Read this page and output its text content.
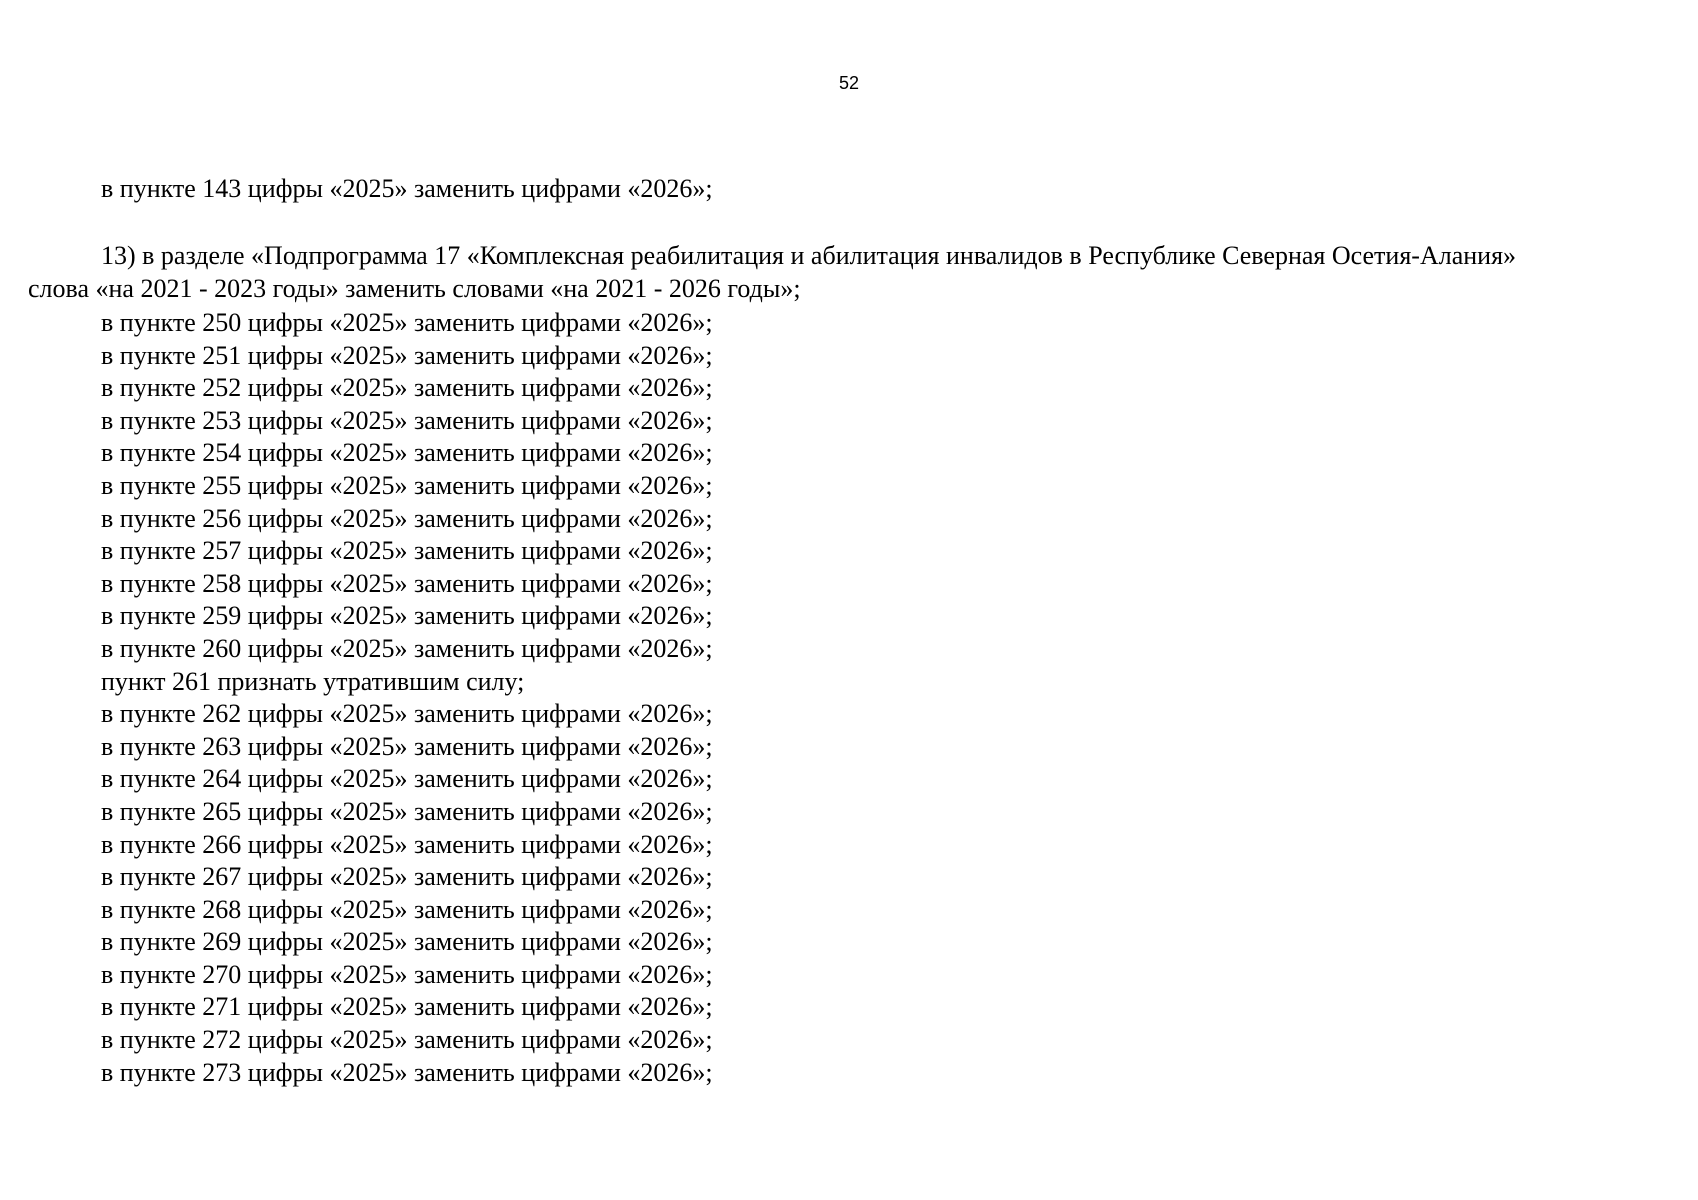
52
в пункте 143 цифры «2025» заменить цифрами «2026»;
13) в разделе «Подпрограмма 17 «Комплексная реабилитация и абилитация инвалидов в Республике Северная Осетия-Алания»
слова «на 2021 - 2023 годы» заменить словами «на 2021 - 2026 годы»;
в пункте 250 цифры «2025» заменить цифрами «2026»;
в пункте 251 цифры «2025» заменить цифрами «2026»;
в пункте 252 цифры «2025» заменить цифрами «2026»;
в пункте 253 цифры «2025» заменить цифрами «2026»;
в пункте 254 цифры «2025» заменить цифрами «2026»;
в пункте 255 цифры «2025» заменить цифрами «2026»;
в пункте 256 цифры «2025» заменить цифрами «2026»;
в пункте 257 цифры «2025» заменить цифрами «2026»;
в пункте 258 цифры «2025» заменить цифрами «2026»;
в пункте 259 цифры «2025» заменить цифрами «2026»;
в пункте 260 цифры «2025» заменить цифрами «2026»;
пункт 261 признать утратившим силу;
в пункте 262 цифры «2025» заменить цифрами «2026»;
в пункте 263 цифры «2025» заменить цифрами «2026»;
в пункте 264 цифры «2025» заменить цифрами «2026»;
в пункте 265 цифры «2025» заменить цифрами «2026»;
в пункте 266 цифры «2025» заменить цифрами «2026»;
в пункте 267 цифры «2025» заменить цифрами «2026»;
в пункте 268 цифры «2025» заменить цифрами «2026»;
в пункте 269 цифры «2025» заменить цифрами «2026»;
в пункте 270 цифры «2025» заменить цифрами «2026»;
в пункте 271 цифры «2025» заменить цифрами «2026»;
в пункте 272 цифры «2025» заменить цифрами «2026»;
в пункте 273 цифры «2025» заменить цифрами «2026»;
